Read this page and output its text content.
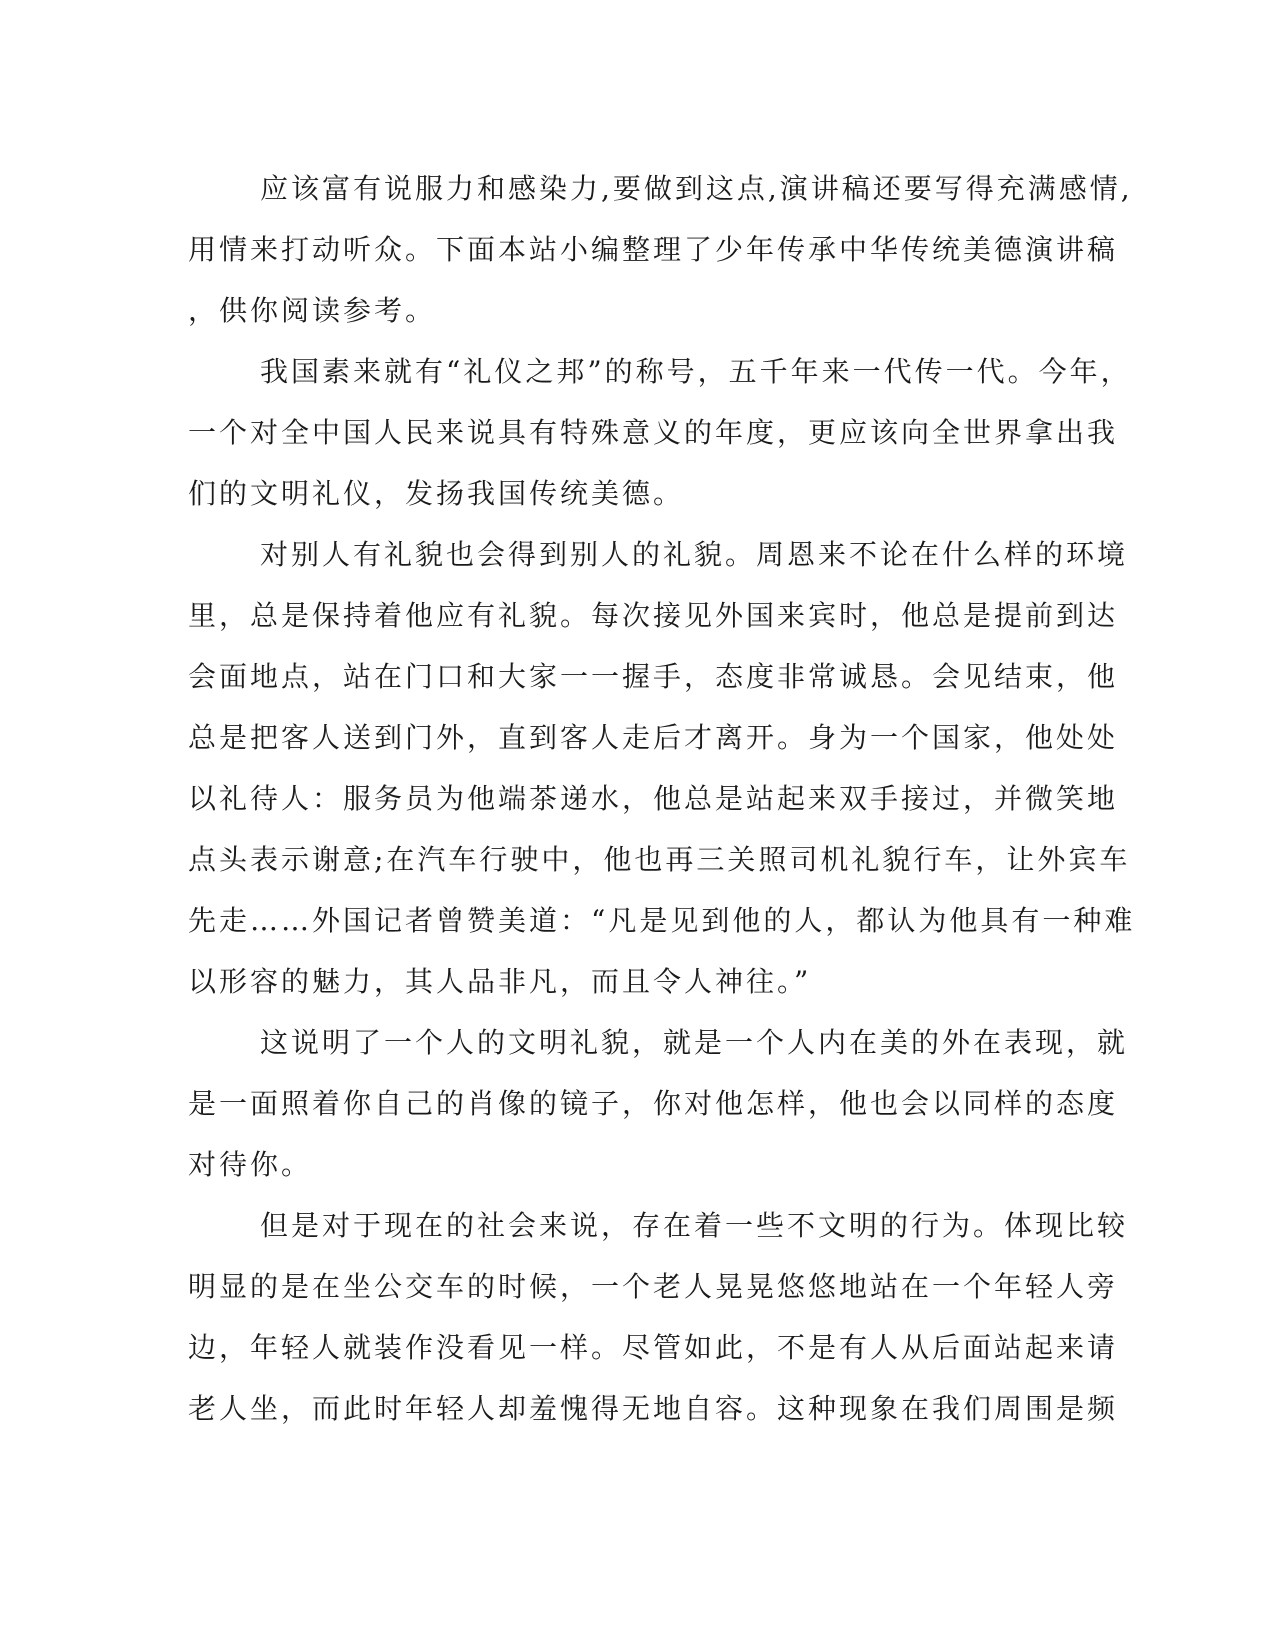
应该富有说服力和感染力,要做到这点,演讲稿还要写得充满感情,
用情来打动听众。下面本站小编整理了少年传承中华传统美德演讲稿
，供你阅读参考。
我国素来就有“礼仪之邦”的称号，五千年来一代传一代。今年，
一个对全中国人民来说具有特殊意义的年度，更应该向全世界拿出我
们的文明礼仪，发扬我国传统美德。
对别人有礼貌也会得到别人的礼貌。周恩来不论在什么样的环境
里，总是保持着他应有礼貌。每次接见外国来宾时，他总是提前到达
会面地点，站在门口和大家一一握手，态度非常诚恳。会见结束，他
总是把客人送到门外，直到客人走后才离开。身为一个国家，他处处
以礼待人：服务员为他端茶递水，他总是站起来双手接过，并微笑地
点头表示谢意;在汽车行驶中，他也再三关照司机礼貌行车，让外宾车
先走……外国记者曾赞美道：“凡是见到他的人，都认为他具有一种难
以形容的魅力，其人品非凡，而且令人神往。”
这说明了一个人的文明礼貌，就是一个人内在美的外在表现，就
是一面照着你自己的肖像的镜子，你对他怎样，他也会以同样的态度
对待你。
但是对于现在的社会来说，存在着一些不文明的行为。体现比较
明显的是在坐公交车的时候，一个老人晃晃悠悠地站在一个年轻人旁
边，年轻人就装作没看见一样。尽管如此，不是有人从后面站起来请
老人坐，而此时年轻人却羞愧得无地自容。这种现象在我们周围是频
